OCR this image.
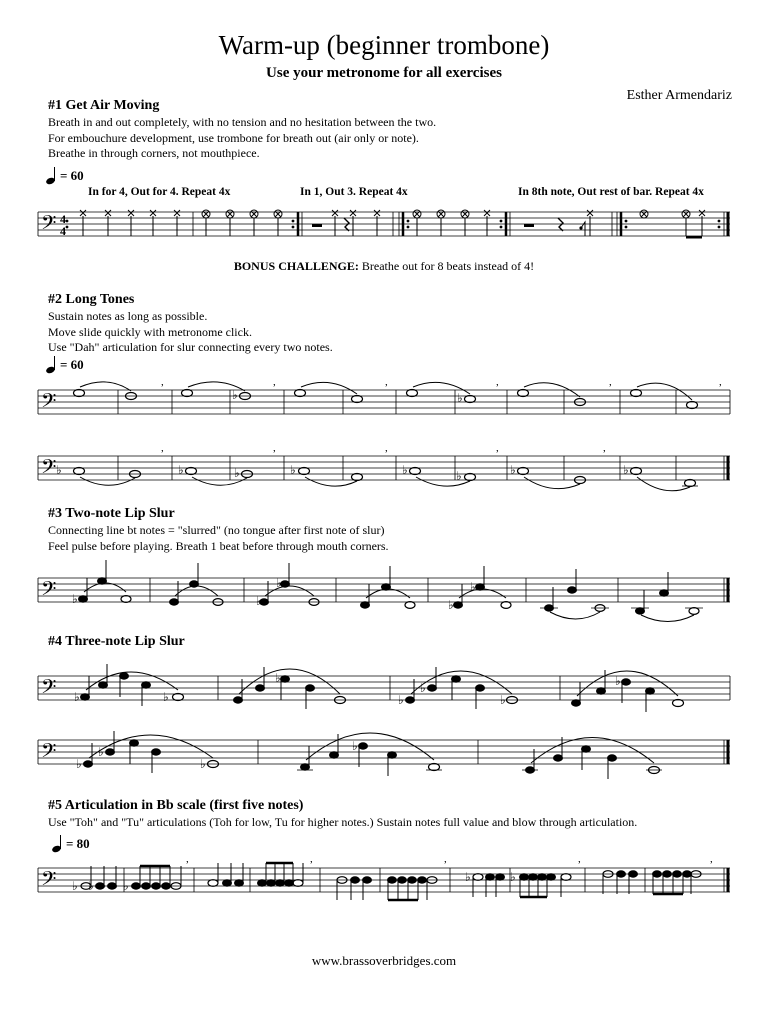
Warm-up (beginner trombone)
Use your metronome for all exercises
Esther Armendariz
#1 Get Air Moving
Breath in and out completely, with no tension and no hesitation between the two.
For embouchure development, use trombone for breath out (air only or note).
Breathe in through corners, not mouthpiece.
= 60
In for 4, Out for 4. Repeat 4x	In 1, Out 3. Repeat 4x	In 8th note, Out rest of bar. Repeat 4x
𝄢 4
4
BONUS CHALLENGE: Breathe out for 8 beats instead of 4!
#2 Long Tones
Sustain notes as long as possible.
Move slide quickly with metronome click.
Use "Dah" articulation for slur connecting every two notes.
= 60
𝄢	♭	♭
,	,	,	,	,	,
𝄢 ♭	♭	♭	♭	♭	♭	♭	♭
,	,	,	,	,
#3 Two-note Lip Slur
Connecting line bt notes = "slurred" (no tongue after first note of slur)
Feel pulse before playing. Breath 1 beat before through mouth corners.
𝄢 ♭	♭
♭
♭
♭
#4 Three-note Lip Slur
𝄢 ♭	♭
♭
♭
♭
♭
♭
𝄢 ♭
♭
♭
♭
#5 Articulation in Bb scale (first five notes)
Use "Toh" and "Tu" articulations (Toh for low, Tu for higher notes.) Sustain notes full value and blow through articulation.
= 80
𝄢 ♭ ♭ ♭
♭	♭
,	,	,	,	,
www.brassoverbridges.com
